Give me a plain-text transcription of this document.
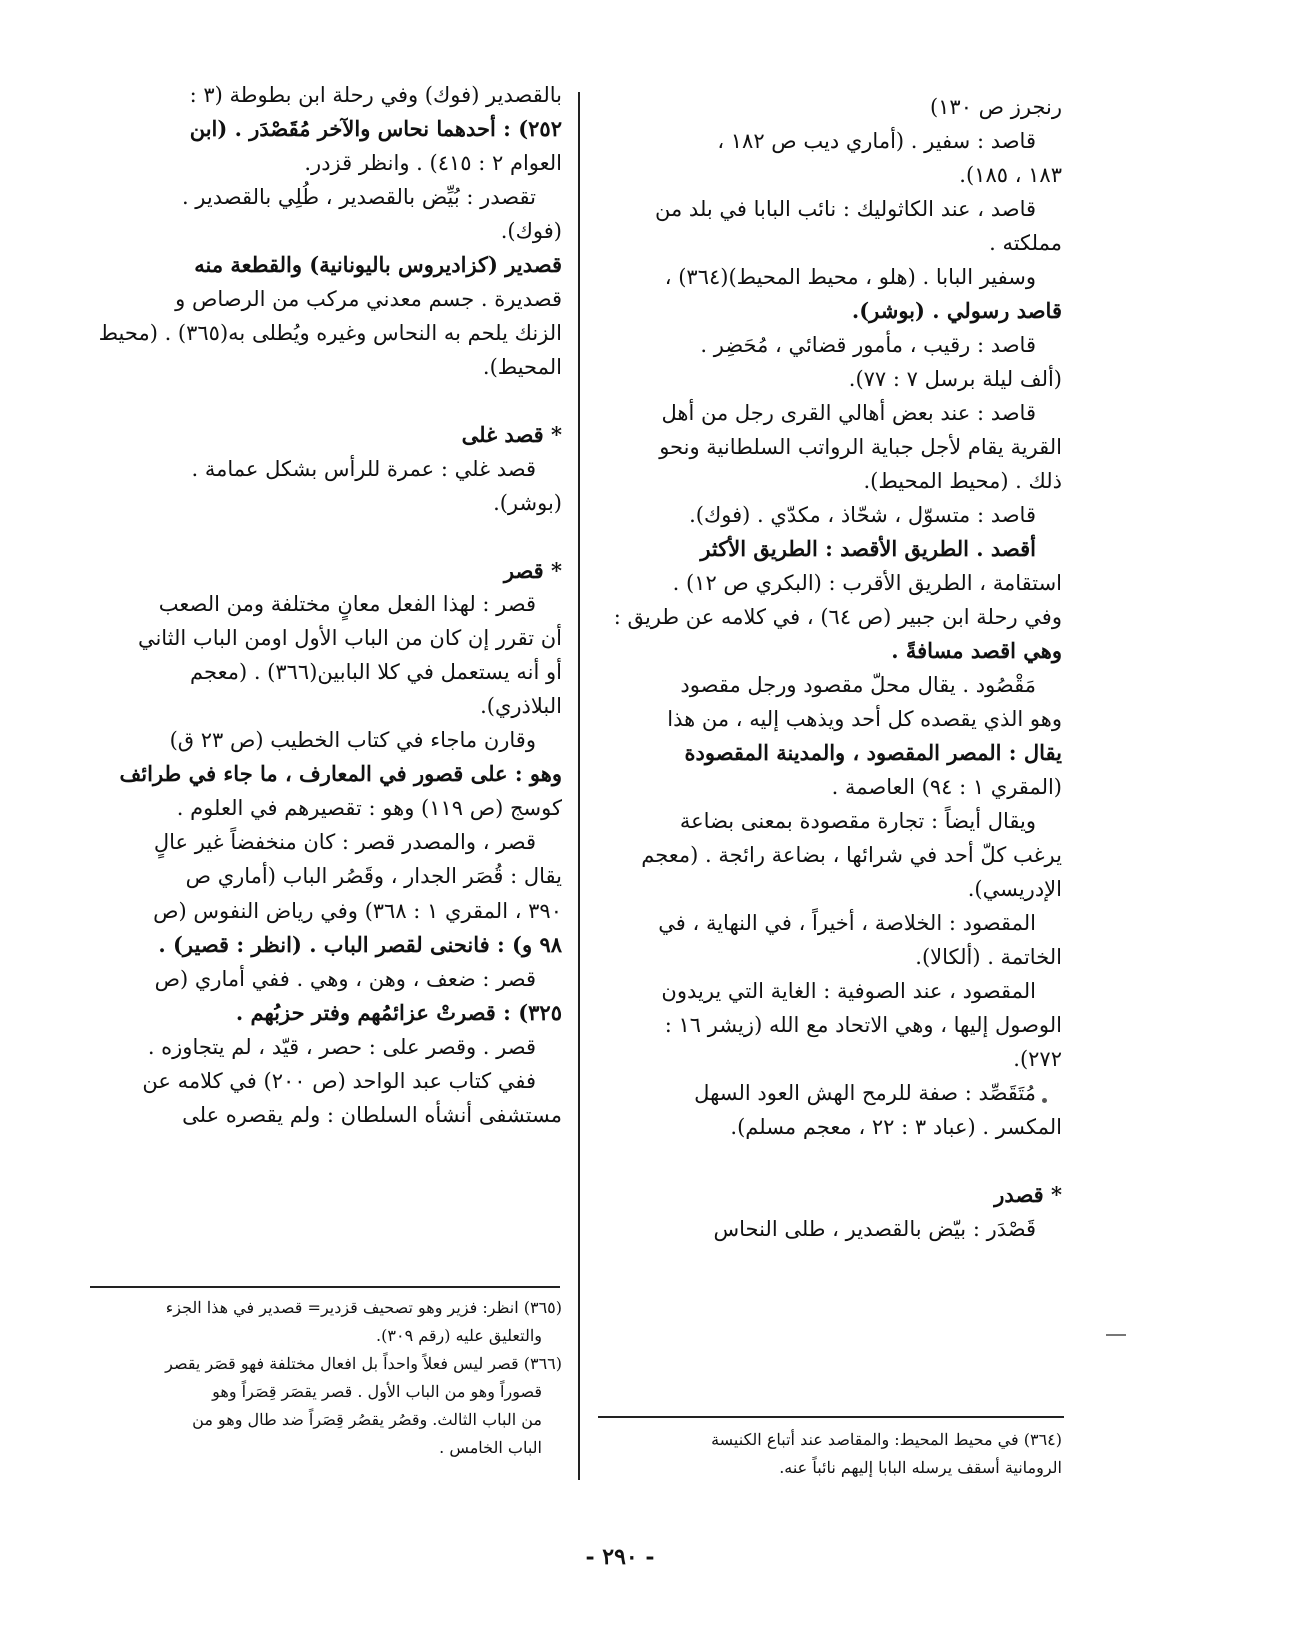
رنجرز ص ١٣٠)

قاصد : سفير . (أماري ديب ص ١٨٢ ،

١٨٣ ، ١٨٥).

قاصد ، عند الكاثوليك : نائب البابا في بلد من

مملكته .

وسفير البابا . (هلو ، محيط المحيط)(٣٦٤) ،

قاصد رسولي . (بوشر).

قاصد : رقيب ، مأمور قضائي ، مُحَضِر .

(ألف ليلة برسل ٧ : ٧٧).

قاصد : عند بعض أهالي القرى رجل من أهل

القرية يقام لأجل جباية الرواتب السلطانية ونحو

ذلك . (محيط المحيط).

قاصد : متسوّل ، شحّاذ ، مكدّي . (فوك).

أقصد . الطريق الأقصد : الطريق الأكثر

استقامة ، الطريق الأقرب : (البكري ص ١٢) .

وفي رحلة ابن جبير (ص ٦٤) ، في كلامه عن طريق :

وهي اقصد مسافةً .

مَقْصُود . يقال محلّ مقصود ورجل مقصود

وهو الذي يقصده كل أحد ويذهب إليه ، من هذا

يقال : المصر المقصود ، والمدينة المقصودة

(المقري ١ : ٩٤) العاصمة .

ويقال أيضاً : تجارة مقصودة بمعنى بضاعة

يرغب كلّ أحد في شرائها ، بضاعة رائجة . (معجم

الإدريسي).

المقصود : الخلاصة ، أخيراً ، في النهاية ، في

الخاتمة . (ألكالا).

المقصود ، عند الصوفية : الغاية التي يريدون

الوصول إليها ، وهي الاتحاد مع الله (زيشر ١٦ :

٢٧٢).

مُتَقَصِّد : صفة للرمح الهش العود السهل

المكسر . (عباد ٣ : ٢٢ ، معجم مسلم).

* قصدر

قَصْدَر : بيّض بالقصدير ، طلى النحاس

بالقصدير (فوك) وفي رحلة ابن بطوطة (٣ :

٢٥٢) : أحدهما نحاس والآخر مُقَصْدَر . (ابن

العوام ٢ : ٤١٥) . وانظر قزدر.

تقصدر : بُيِّض بالقصدير ، طُلِي بالقصدير .

(فوك).

قصدير (كزاديروس باليونانية) والقطعة منه

قصديرة . جسم معدني مركب من الرصاص و

الزنك يلحم به النحاس وغيره ويُطلى به(٣٦٥) . (محيط

المحيط).

* قصد غلى

قصد غلي : عمرة للرأس بشكل عمامة .

(بوشر).

* قصر

قصر : لهذا الفعل معانٍ مختلفة ومن الصعب

أن تقرر إن كان من الباب الأول اومن الباب الثاني

أو أنه يستعمل في كلا البابين(٣٦٦) . (معجم

البلاذري).

وقارن ماجاء في كتاب الخطيب (ص ٢٣ ق)

وهو : على قصور في المعارف ، ما جاء في طرائف

كوسج (ص ١١٩) وهو : تقصيرهم في العلوم .

قصر ، والمصدر قصر : كان منخفضاً غير عالٍ

يقال : قُصَر الجدار ، وقَصُر الباب (أماري ص

٣٩٠ ، المقري ١ : ٣٦٨) وفي رياض النفوس (ص

٩٨ و) : فانحنى لقصر الباب . (انظر : قصير) .

قصر : ضعف ، وهن ، وهي . ففي أماري (ص

٣٢٥) : قصرتْ عزائمُهم وفتر حزبُهم .

قصر . وقصر على : حصر ، قيّد ، لم يتجاوزه .

ففي كتاب عبد الواحد (ص ٢٠٠) في كلامه عن

مستشفى أنشأه السلطان : ولم يقصره على

(٣٦٤) في محيط المحيط: والمقاصد عند أتباع الكنيسة

الرومانية أسقف يرسله البابا إليهم نائباً عنه.

(٣٦٥) انظر: فزير وهو تصحيف قزدير= قصدير في هذا الجزء

والتعليق عليه (رقم ٣٠٩).

(٣٦٦) قصر ليس فعلاً واحداً بل افعال مختلفة فهو قصَر يقصر

قصوراً وهو من الباب الأول . قصر يقصَر قِصَراً وهو

من الباب الثالث. وقصُر يقصُر قِصَراً ضد طال وهو من

الباب الخامس .

- ٢٩٠ -
